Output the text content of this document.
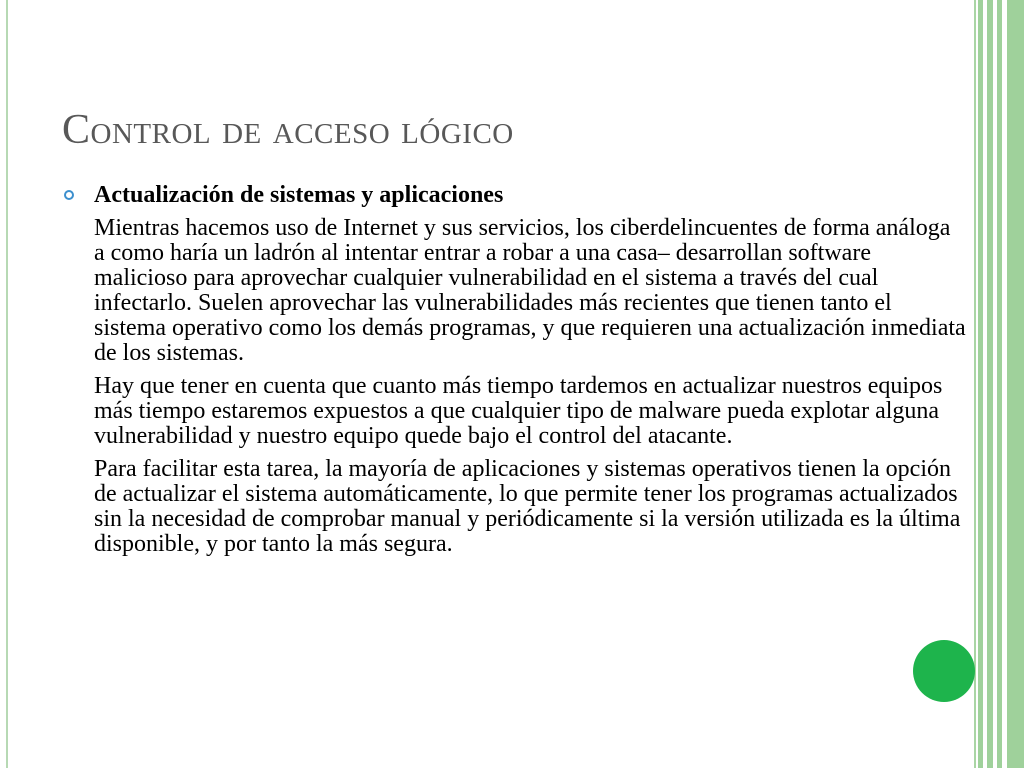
Control de acceso lógico
Actualización de sistemas y aplicaciones

Mientras hacemos uso de Internet y sus servicios, los ciberdelincuentes de forma análoga a como haría un ladrón al intentar entrar a robar a una casa– desarrollan software malicioso para aprovechar cualquier vulnerabilidad en el sistema a través del cual infectarlo. Suelen aprovechar las vulnerabilidades más recientes que tienen tanto el sistema operativo como los demás programas, y que requieren una actualización inmediata de los sistemas.

Hay que tener en cuenta que cuanto más tiempo tardemos en actualizar nuestros equipos más tiempo estaremos expuestos a que cualquier tipo de malware pueda explotar alguna vulnerabilidad y nuestro equipo quede bajo el control del atacante.

Para facilitar esta tarea, la mayoría de aplicaciones y sistemas operativos tienen la opción de actualizar el sistema automáticamente, lo que permite tener los programas actualizados sin la necesidad de comprobar manual y periódicamente si la versión utilizada es la última disponible, y por tanto la más segura.
